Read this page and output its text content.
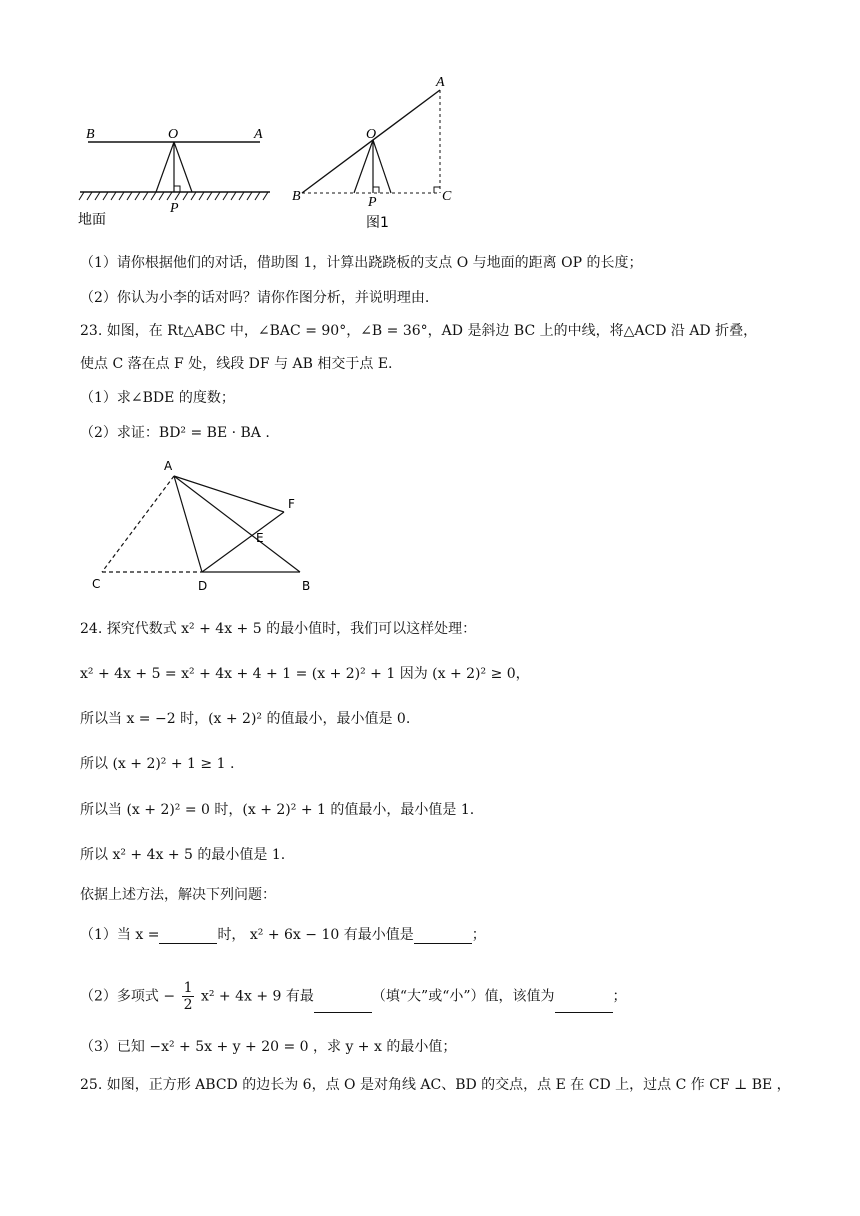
B	O	A
P
地面
A
O
B	P	C
图1
（1）请你根据他们的对话，借助图 1，计算出跷跷板的支点 O 与地面的距离 OP 的长度；
（2）你认为小李的话对吗？请你作图分析，并说明理由.
23. 如图，在 Rt△ABC 中，∠BAC = 90°，∠B = 36°，AD 是斜边 BC 上的中线，将△ACD 沿 AD 折叠，
使点 C 落在点 F 处，线段 DF 与 AB 相交于点 E.
（1）求∠BDE 的度数；
（2）求证：BD² = BE · BA .
A
F
E
C	D	B
24. 探究代数式 x² + 4x + 5 的最小值时，我们可以这样处理：
x² + 4x + 5 = x² + 4x + 4 + 1 = (x + 2)² + 1 因为 (x + 2)² ≥ 0，
所以当 x = −2 时，(x + 2)² 的值最小，最小值是 0.
所以 (x + 2)² + 1 ≥ 1 .
所以当 (x + 2)² = 0 时，(x + 2)² + 1 的值最小，最小值是 1.
所以 x² + 4x + 5 的最小值是 1.
依据上述方法，解决下列问题：
（1）当 x =	时， x² + 6x − 10 有最小值是	；
（2）多项式 − $\frac{1}{2} x^2 + 4x + 9$ 有最	（填“大”或“小”）值，该值为	；
（3）已知 −x² + 5x + y + 20 = 0 ，求 y + x 的最小值；
25. 如图，正方形 ABCD 的边长为 6，点 O 是对角线 AC、BD 的交点，点 E 在 CD 上，过点 C 作 CF ⊥ BE ，
